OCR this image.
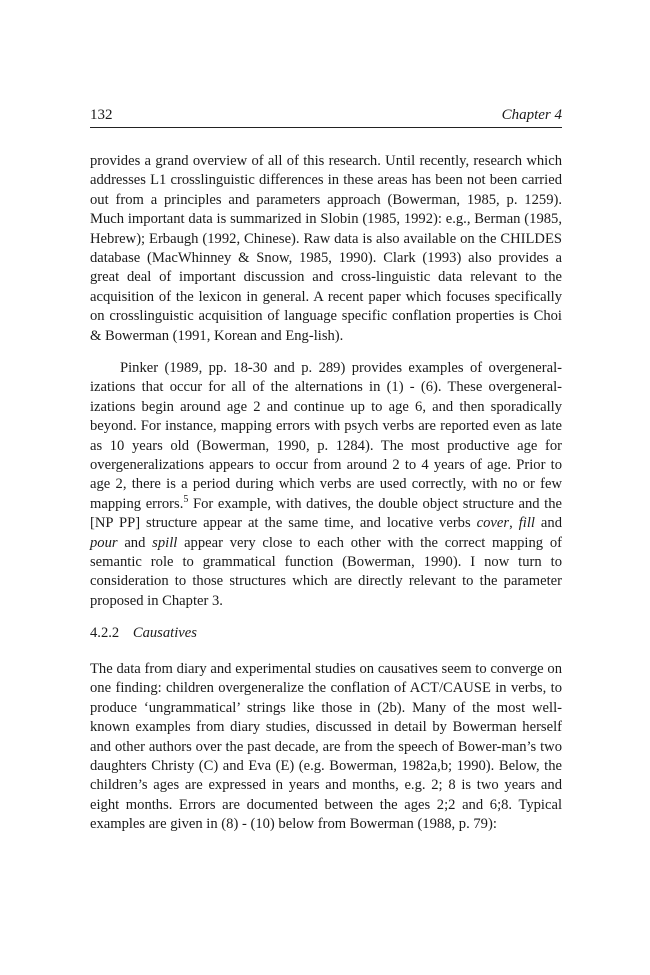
132	Chapter 4

provides a grand overview of all of this research. Until recently, research which addresses L1 crosslinguistic differences in these areas has been not been carried out from a principles and parameters approach (Bowerman, 1985, p. 1259). Much important data is summarized in Slobin (1985, 1992): e.g., Berman (1985, Hebrew); Erbaugh (1992, Chinese). Raw data is also available on the CHILDES database (MacWhinney & Snow, 1985, 1990). Clark (1993) also provides a great deal of important discussion and cross-linguistic data relevant to the acquisition of the lexicon in general. A recent paper which focuses specifically on crosslinguistic acquisition of language specific conflation properties is Choi & Bowerman (1991, Korean and Eng-lish).

Pinker (1989, pp. 18-30 and p. 289) provides examples of overgeneral-izations that occur for all of the alternations in (1) - (6). These overgeneral-izations begin around age 2 and continue up to age 6, and then sporadically beyond. For instance, mapping errors with psych verbs are reported even as late as 10 years old (Bowerman, 1990, p. 1284). The most productive age for overgeneralizations appears to occur from around 2 to 4 years of age. Prior to age 2, there is a period during which verbs are used correctly, with no or few mapping errors.$^5$ For example, with datives, the double object structure and the [NP PP] structure appear at the same time, and locative verbs cover, fill and pour and spill appear very close to each other with the correct mapping of semantic role to grammatical function (Bowerman, 1990). I now turn to consideration to those structures which are directly relevant to the parameter proposed in Chapter 3.

4.2.2 Causatives

The data from diary and experimental studies on causatives seem to converge on one finding: children overgeneralize the conflation of ACT/CAUSE in verbs, to produce ‘ungrammatical’ strings like those in (2b). Many of the most well-known examples from diary studies, discussed in detail by Bowerman herself and other authors over the past decade, are from the speech of Bower-man’s two daughters Christy (C) and Eva (E) (e.g. Bowerman, 1982a,b; 1990). Below, the children’s ages are expressed in years and months, e.g. 2; 8 is two years and eight months. Errors are documented between the ages 2;2 and 6;8. Typical examples are given in (8) - (10) below from Bowerman (1988, p. 79):
